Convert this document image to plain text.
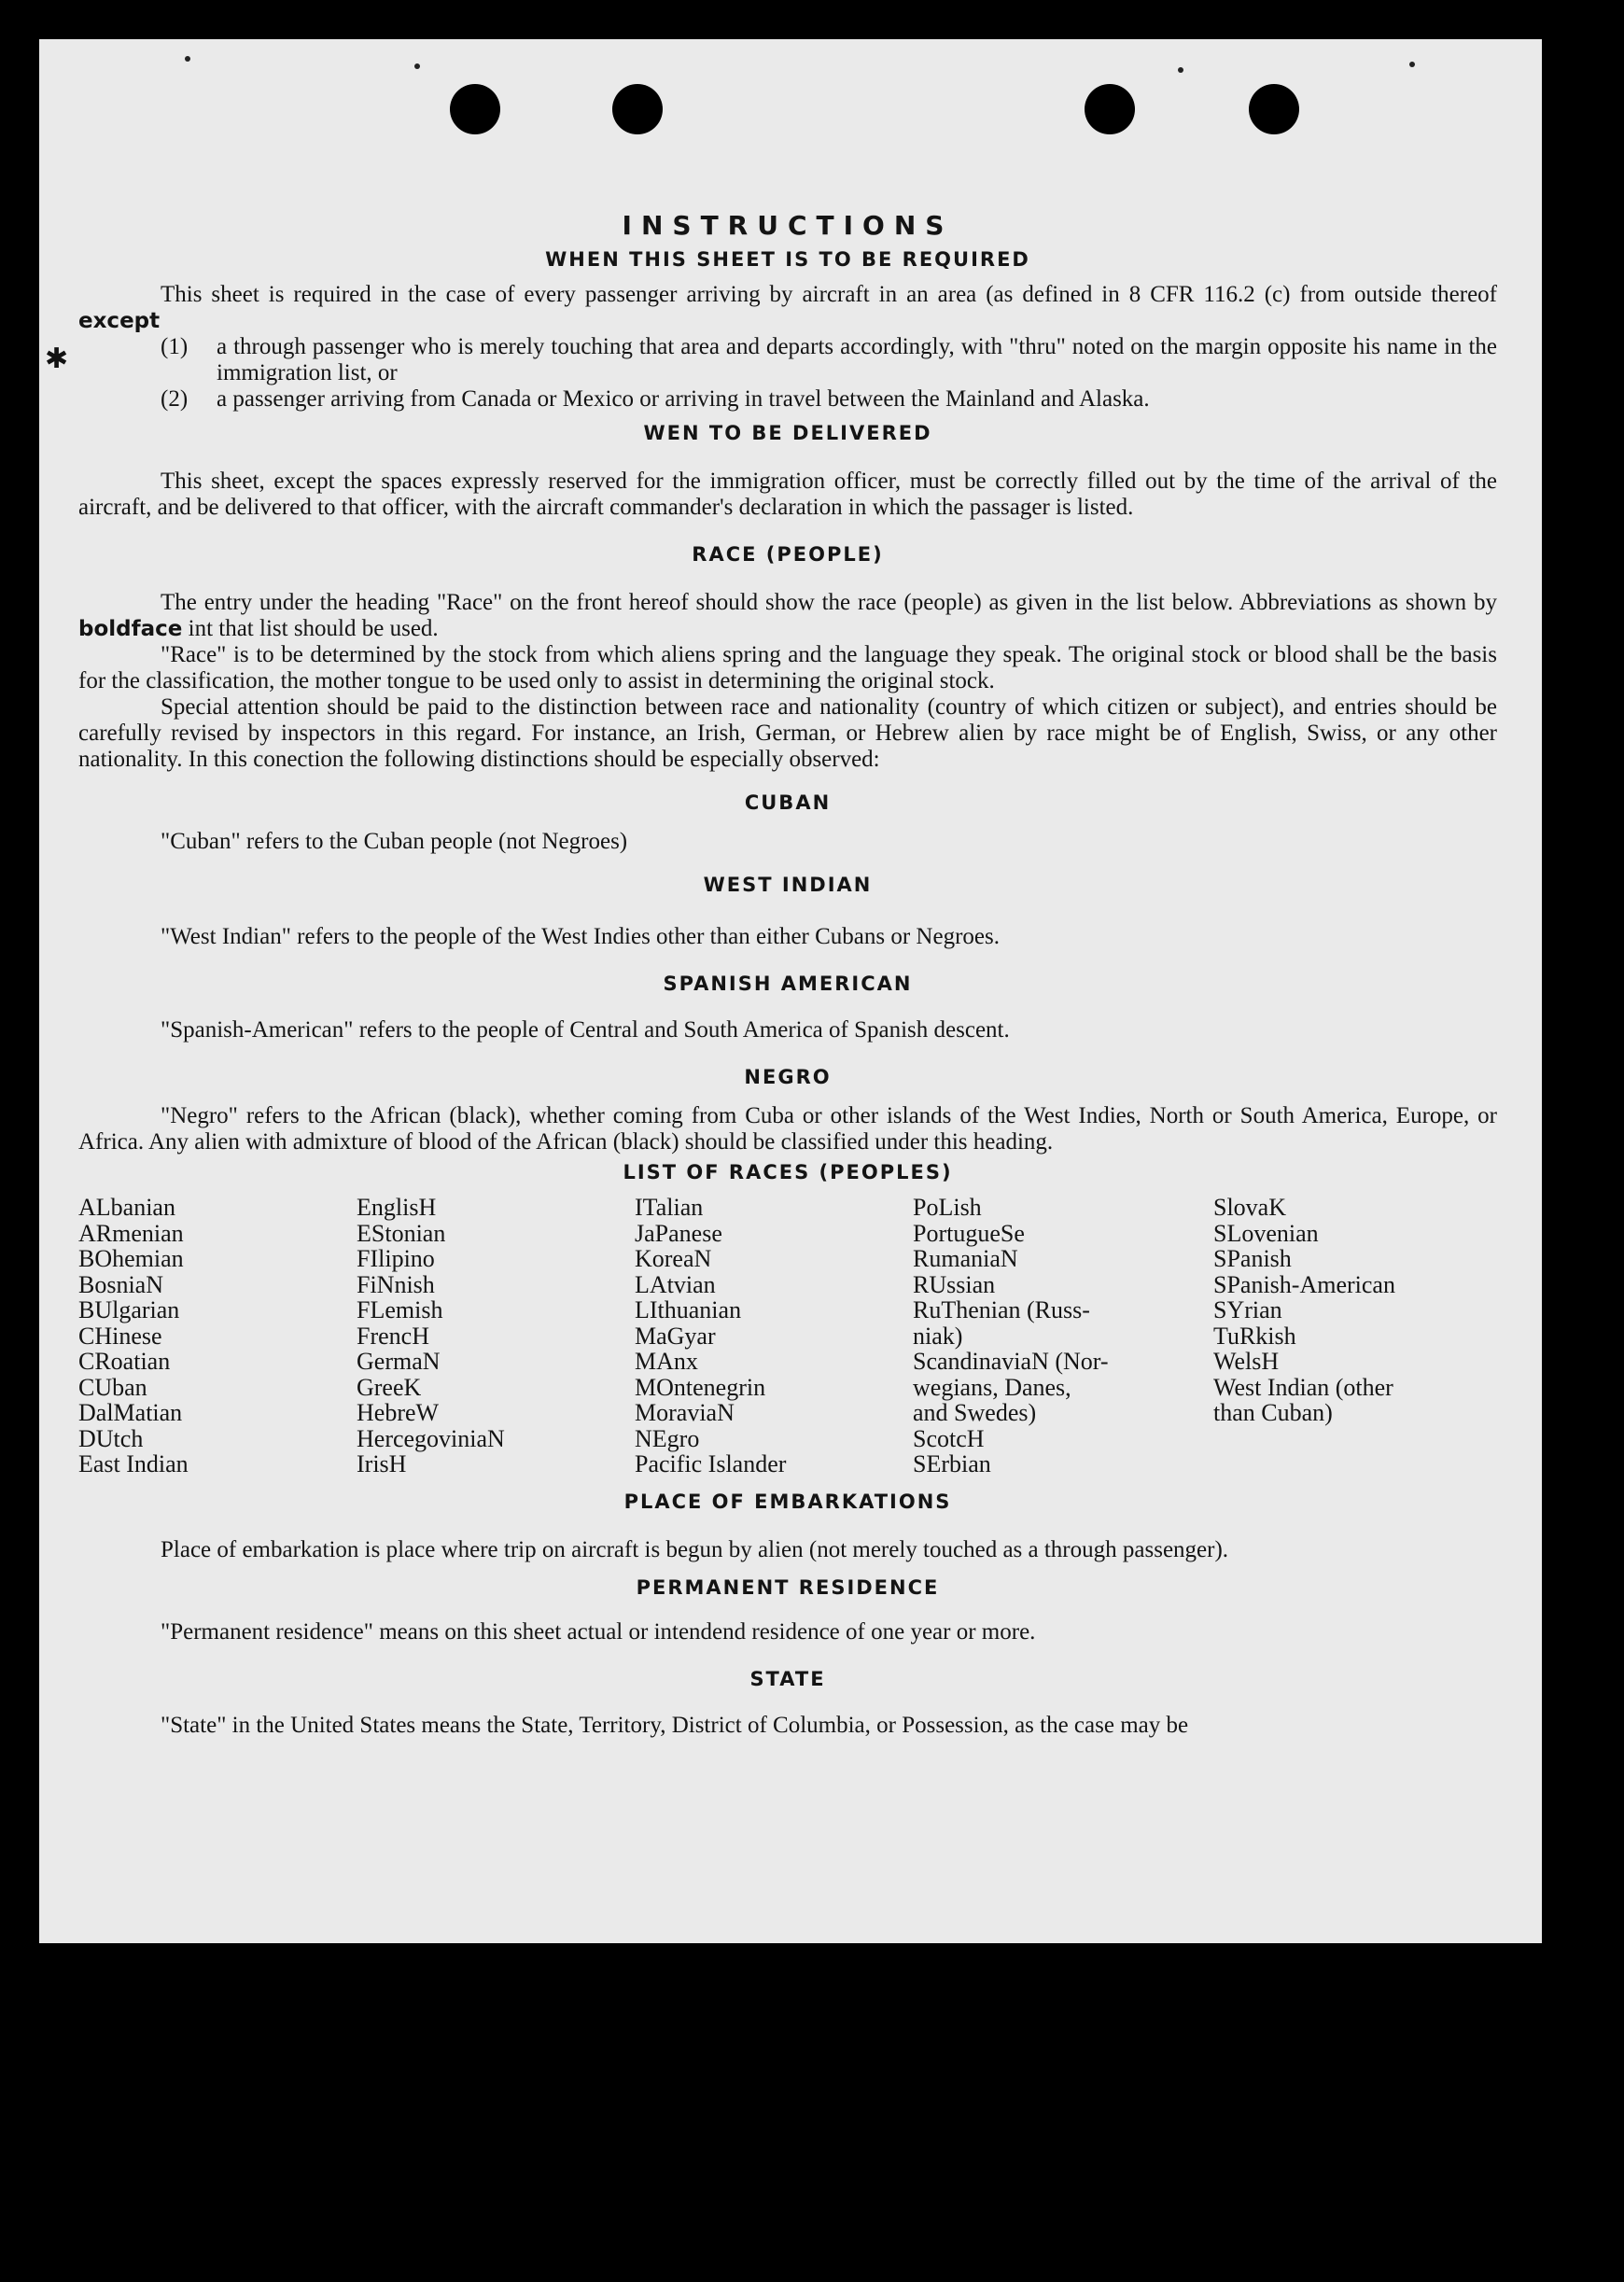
✱
INSTRUCTIONS
WHEN THIS SHEET IS TO BE REQUIRED

This sheet is required in the case of every passenger arriving by aircraft in an area (as defined in 8 CFR 116.2 (c) from outside thereof except

(1)	a through passenger who is merely touching that area and departs accordingly, with "thru" noted on the margin opposite his name in the immigration list, or
(2)	a passenger arriving from Canada or Mexico or arriving in travel between the Mainland and Alaska.
WEN TO BE DELIVERED

This sheet, except the spaces expressly reserved for the immigration officer, must be correctly filled out by the time of the arrival of the aircraft, and be delivered to that officer, with the aircraft commander's declaration in which the passager is listed.

RACE (PEOPLE)

The entry under the heading "Race" on the front hereof should show the race (people) as given in the list below. Abbreviations as shown by boldface int that list should be used.

"Race" is to be determined by the stock from which aliens spring and the language they speak. The original stock or blood shall be the basis for the classification, the mother tongue to be used only to assist in determining the original stock.

Special attention should be paid to the distinction between race and nationality (country of which citizen or subject), and entries should be carefully revised by inspectors in this regard. For instance, an Irish, German, or Hebrew alien by race might be of English, Swiss, or any other nationality. In this conection the following distinctions should be especially observed:

CUBAN

"Cuban" refers to the Cuban people (not Negroes)

WEST INDIAN

"West Indian" refers to the people of the West Indies other than either Cubans or Negroes.

SPANISH AMERICAN

"Spanish-American" refers to the people of Central and South America of Spanish descent.

NEGRO

"Negro" refers to the African (black), whether coming from Cuba or other islands of the West Indies, North or South America, Europe, or Africa. Any alien with admixture of blood of the African (black) should be classified under this heading.

LIST OF RACES (PEOPLES)
ALbanian
ARmenian
BOhemian
BosniaN
BUlgarian
CHinese
CRoatian
CUban
DalMatian
DUtch
East Indian
EnglisH
EStonian
FIlipino
FiNnish
FLemish
FrencH
GermaN
GreeK
HebreW
HercegoviniaN
IrisH
ITalian
JaPanese
KoreaN
LAtvian
LIthuanian
MaGyar
MAnx
MOntenegrin
MoraviaN
NEgro
Pacific Islander
PoLish
PortugueSe
RumaniaN
RUssian
RuThenian (Russ-
niak)
ScandinaviaN (Nor-
wegians, Danes,
and Swedes)
ScotcH
SErbian
SlovaK
SLovenian
SPanish
SPanish-American
SYrian
TuRkish
WelsH
West Indian (other
than Cuban)
PLACE OF EMBARKATIONS

Place of embarkation is place where trip on aircraft is begun by alien (not merely touched as a through passenger).

PERMANENT RESIDENCE

"Permanent residence" means on this sheet actual or intendend residence of one year or more.

STATE

"State" in the United States means the State, Territory, District of Columbia, or Possession, as the case may be
